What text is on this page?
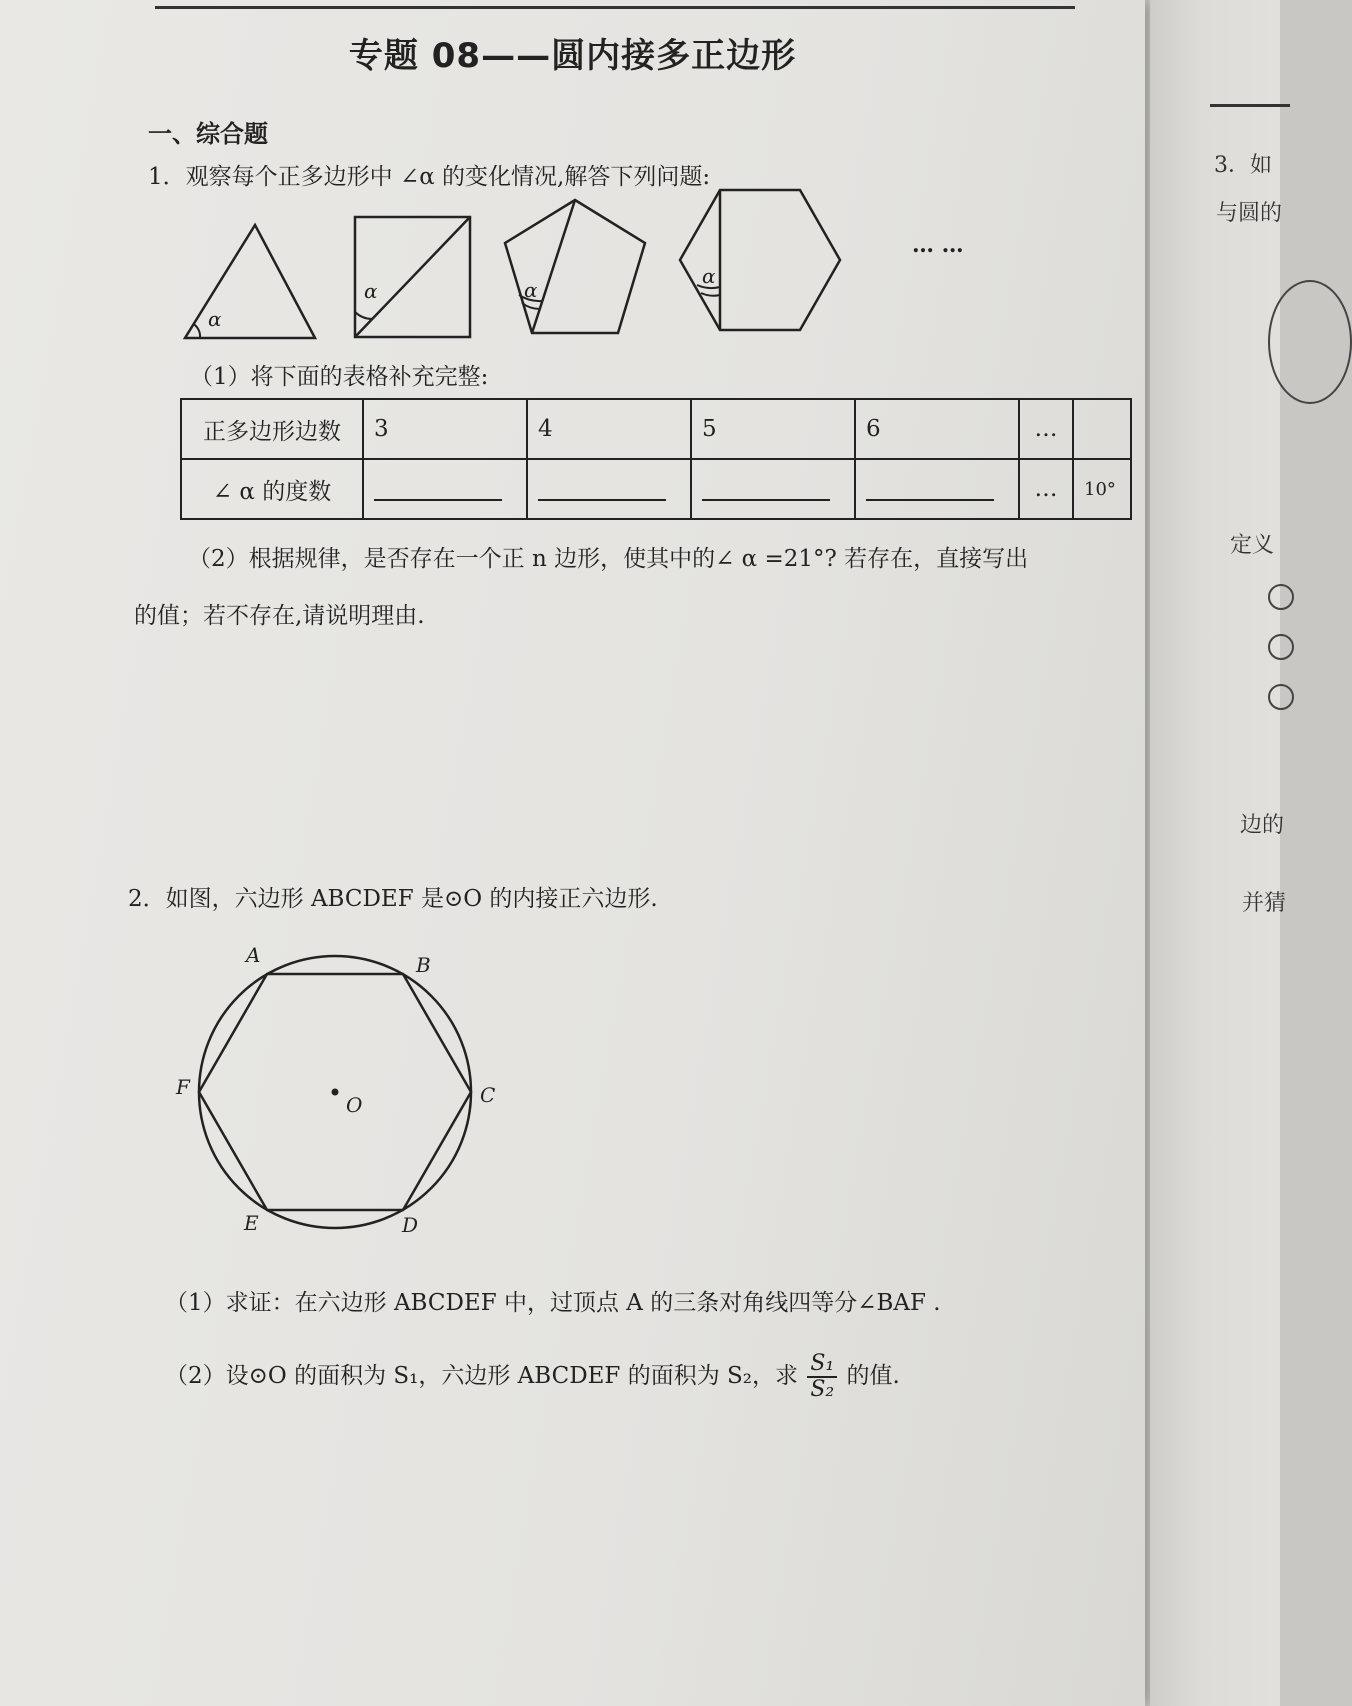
专题 08——圆内接多正边形
一、综合题
1．观察每个正多边形中 ∠α 的变化情况,解答下列问题:
α
α	α
α
… …
（1）将下面的表格补充完整:
正多边形边数	3	4	5	6	…	
∠ α 的度数					…	10°
（2）根据规律，是否存在一个正 n 边形，使其中的∠ α =21°? 若存在，直接写出
的值；若不存在,请说明理由.
2．如图，六边形 ABCDEF 是⊙O 的内接正六边形.
A	B
C
D
E
F
O
（1）求证：在六边形 ABCDEF 中，过顶点 A 的三条对角线四等分∠BAF .
（2）设⊙O 的面积为 S₁，六边形 ABCDEF 的面积为 S₂，求 $\frac{\text{S₁}}{\text{S₂}}$ 的值.
3．如
与圆的
定义
边的
并猜
